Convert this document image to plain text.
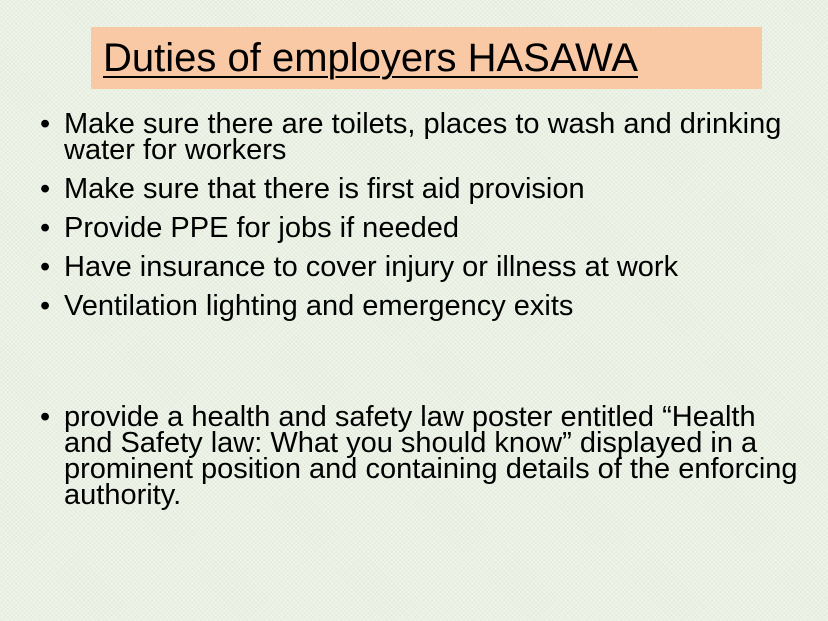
Duties of employers HASAWA
• Make sure there are toilets, places to wash and drinking water for workers
• Make sure that there is first aid provision
• Provide PPE for jobs if needed
• Have insurance to cover injury or illness at work
• Ventilation lighting and emergency exits
• provide a health and safety law poster entitled “Health and Safety law: What you should know” displayed in a prominent position and containing details of the enforcing authority.
